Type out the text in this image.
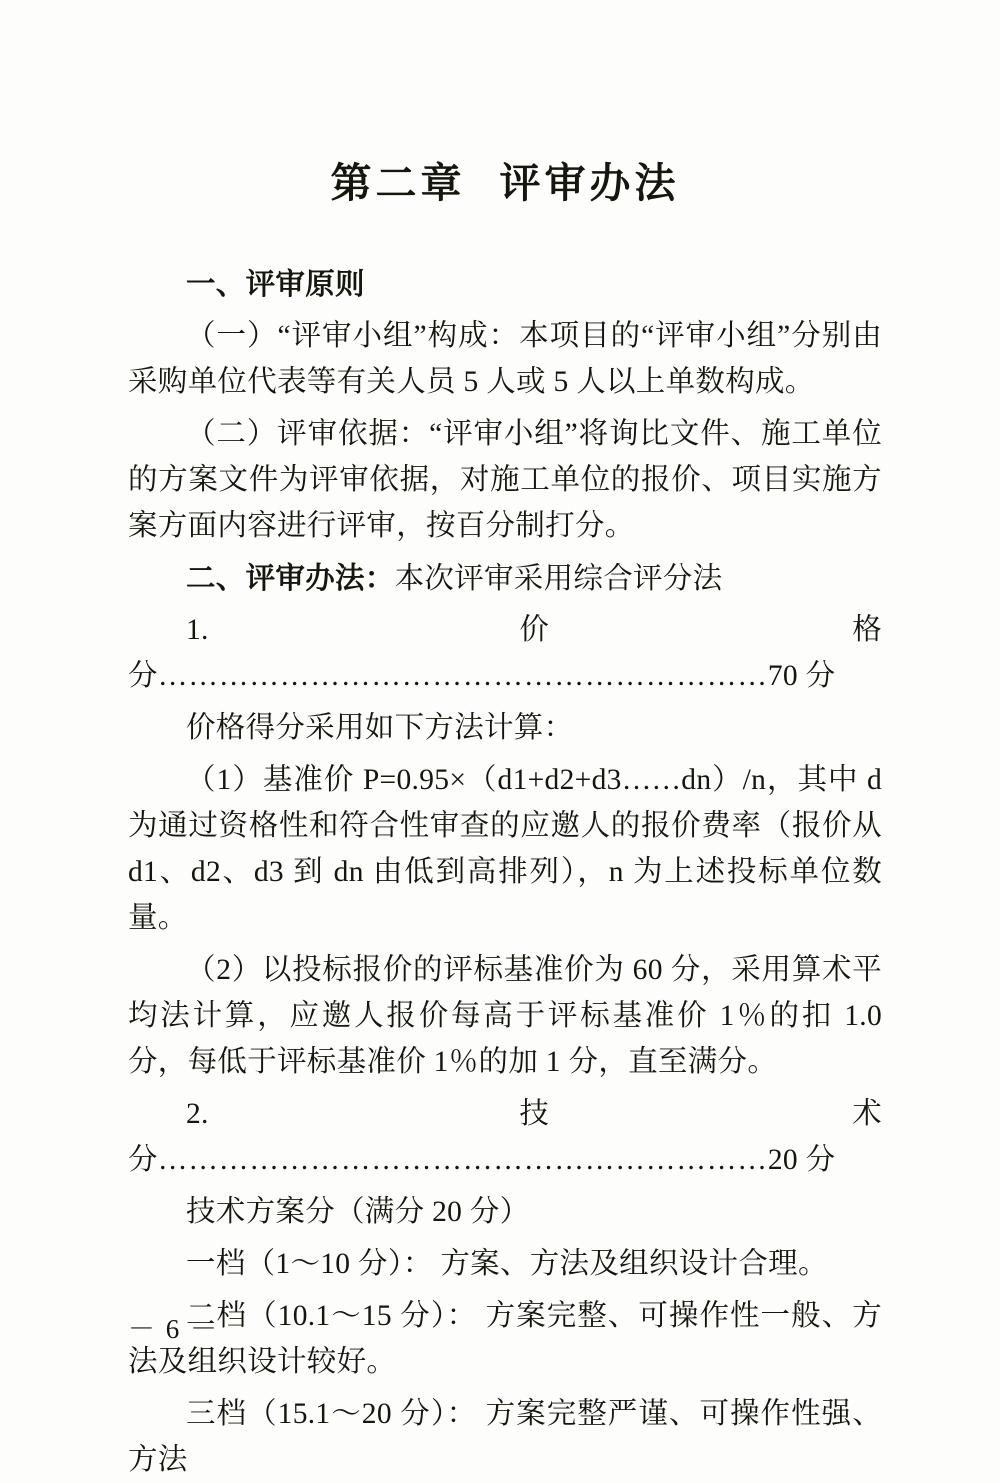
第二章 评审办法

一、评审原则

（一）“评审小组”构成：本项目的“评审小组”分别由采购单位代表等有关人员 5 人或 5 人以上单数构成。

（二）评审依据：“评审小组”将询比文件、施工单位的方案文件为评审依据，对施工单位的报价、项目实施方案方面内容进行评审，按百分制打分。

二、评审办法：本次评审采用综合评分法

1. 价格分……………………………………………………70 分

价格得分采用如下方法计算：

（1）基准价 P=0.95×（d1+d2+d3……dn）/n，其中 d 为通过资格性和符合性审查的应邀人的报价费率（报价从 d1、d2、d3 到 dn 由低到高排列），n 为上述投标单位数量。

（2）以投标报价的评标基准价为 60 分，采用算术平均法计算，应邀人报价每高于评标基准价 1％的扣 1.0 分，每低于评标基准价 1％的加 1 分，直至满分。

2. 技术分……………………………………………………20 分

技术方案分（满分 20 分）

一档（1～10 分）： 方案、方法及组织设计合理。

二档（10.1～15 分）： 方案完整、可操作性一般、方法及组织设计较好。

三档（15.1～20 分）： 方案完整严谨、可操作性强、方法

－ 6 －
